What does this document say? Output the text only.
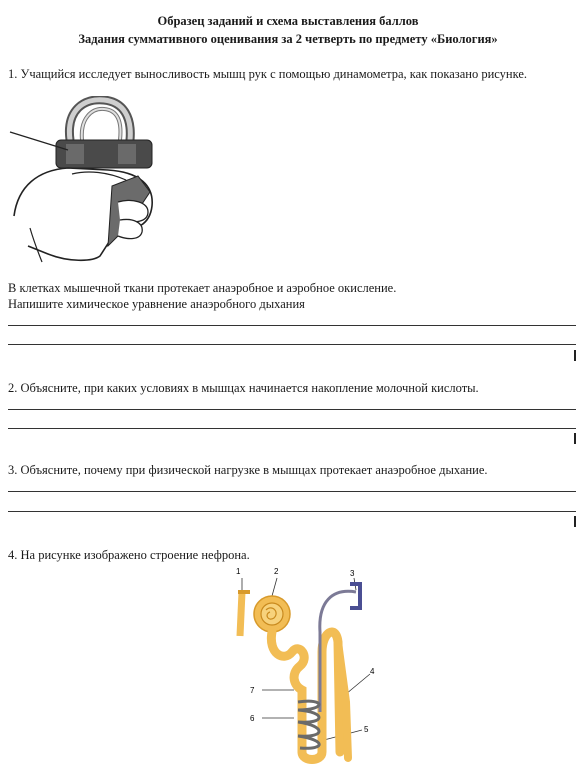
Образец заданий и схема выставления баллов
Задания суммативного оценивания за 2 четверть по предмету «Биология»
1. Учащийся исследует выносливость мышц рук с помощью динамометра, как показано рисунке.
В клетках мышечной ткани протекает анаэробное и аэробное окисление.
Напишите химическое уравнение анаэробного дыхания
2. Объясните, при каких условиях в мышцах начинается накопление молочной кислоты.
3. Объясните, почему при физической нагрузке в мышцах протекает анаэробное дыхание.
4. На рисунке изображено строение нефрона.
1	2	3
4
5
6
7
